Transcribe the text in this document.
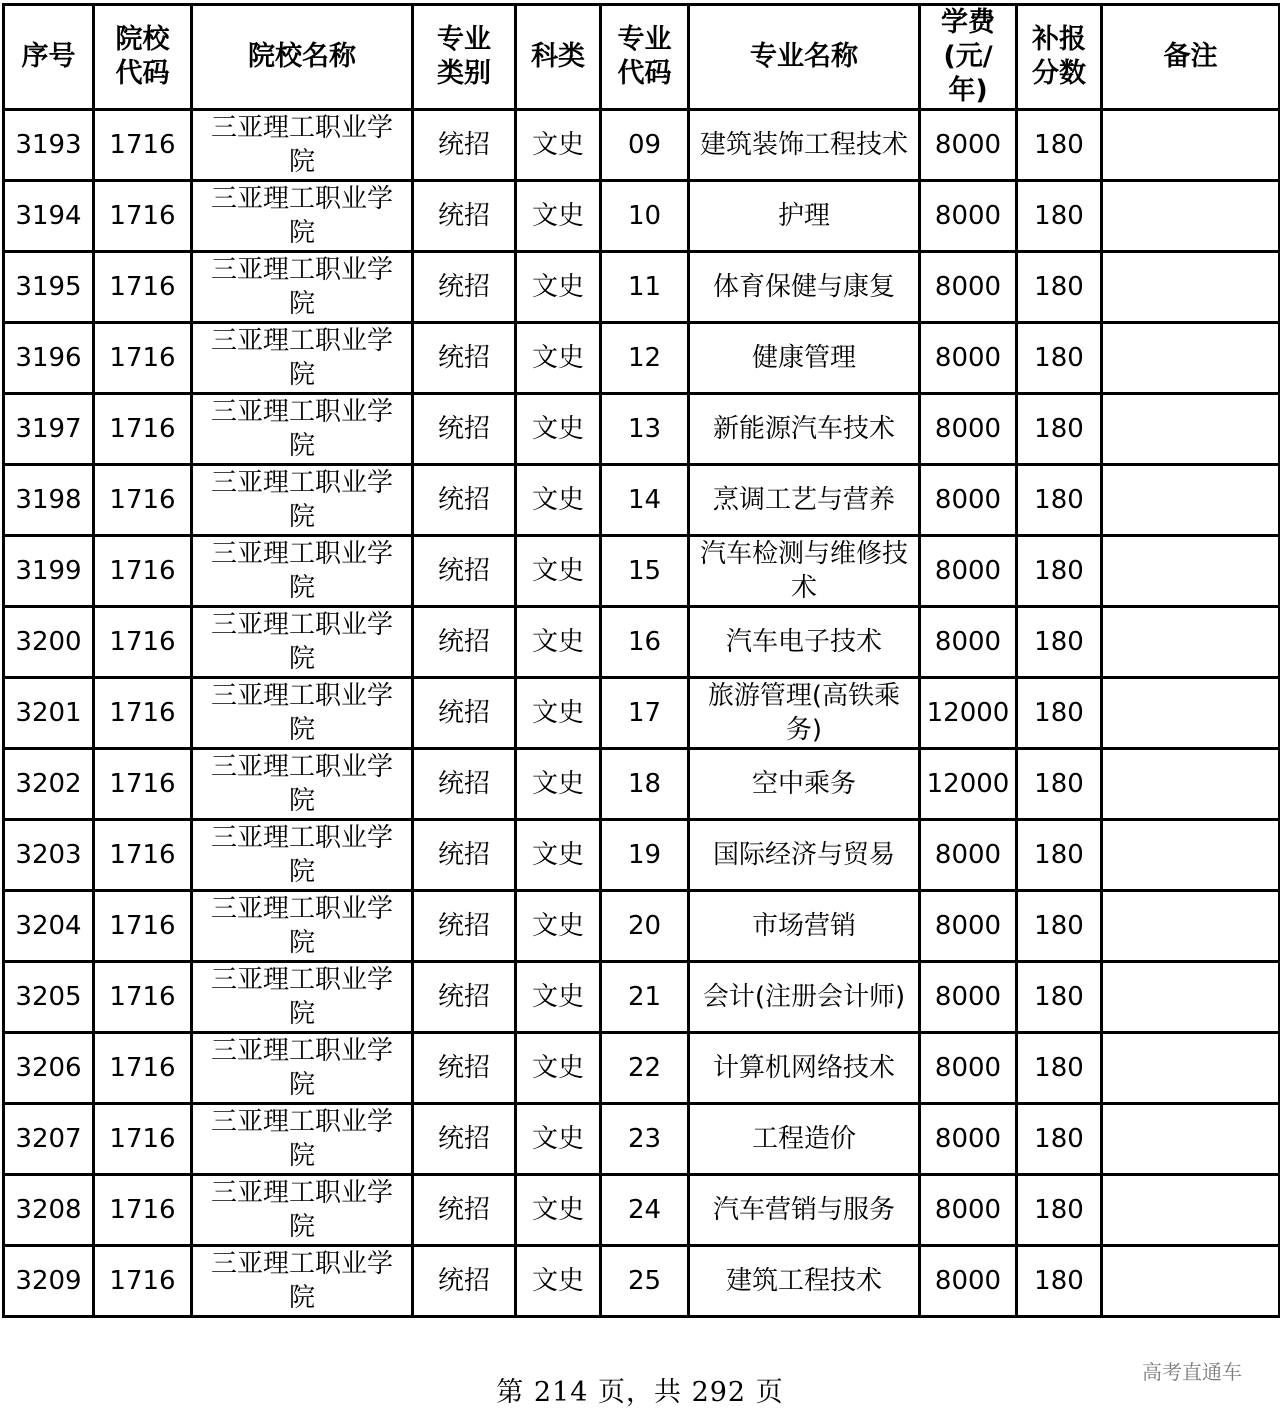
序号	院校代码	院校名称	专业类别	科类	专业代码	专业名称	学费(元/年)	补报分数	备注
3193	1716	三亚理工职业学院	统招	文史	09	建筑装饰工程技术	8000	180	
3194	1716	三亚理工职业学院	统招	文史	10	护理	8000	180	
3195	1716	三亚理工职业学院	统招	文史	11	体育保健与康复	8000	180	
3196	1716	三亚理工职业学院	统招	文史	12	健康管理	8000	180	
3197	1716	三亚理工职业学院	统招	文史	13	新能源汽车技术	8000	180	
3198	1716	三亚理工职业学院	统招	文史	14	烹调工艺与营养	8000	180	
3199	1716	三亚理工职业学院	统招	文史	15	汽车检测与维修技术	8000	180	
3200	1716	三亚理工职业学院	统招	文史	16	汽车电子技术	8000	180	
3201	1716	三亚理工职业学院	统招	文史	17	旅游管理(高铁乘务)	12000	180	
3202	1716	三亚理工职业学院	统招	文史	18	空中乘务	12000	180	
3203	1716	三亚理工职业学院	统招	文史	19	国际经济与贸易	8000	180	
3204	1716	三亚理工职业学院	统招	文史	20	市场营销	8000	180	
3205	1716	三亚理工职业学院	统招	文史	21	会计(注册会计师)	8000	180	
3206	1716	三亚理工职业学院	统招	文史	22	计算机网络技术	8000	180	
3207	1716	三亚理工职业学院	统招	文史	23	工程造价	8000	180	
3208	1716	三亚理工职业学院	统招	文史	24	汽车营销与服务	8000	180	
3209	1716	三亚理工职业学院	统招	文史	25	建筑工程技术	8000	180	
第 214 页，共 292 页
高考直通车
